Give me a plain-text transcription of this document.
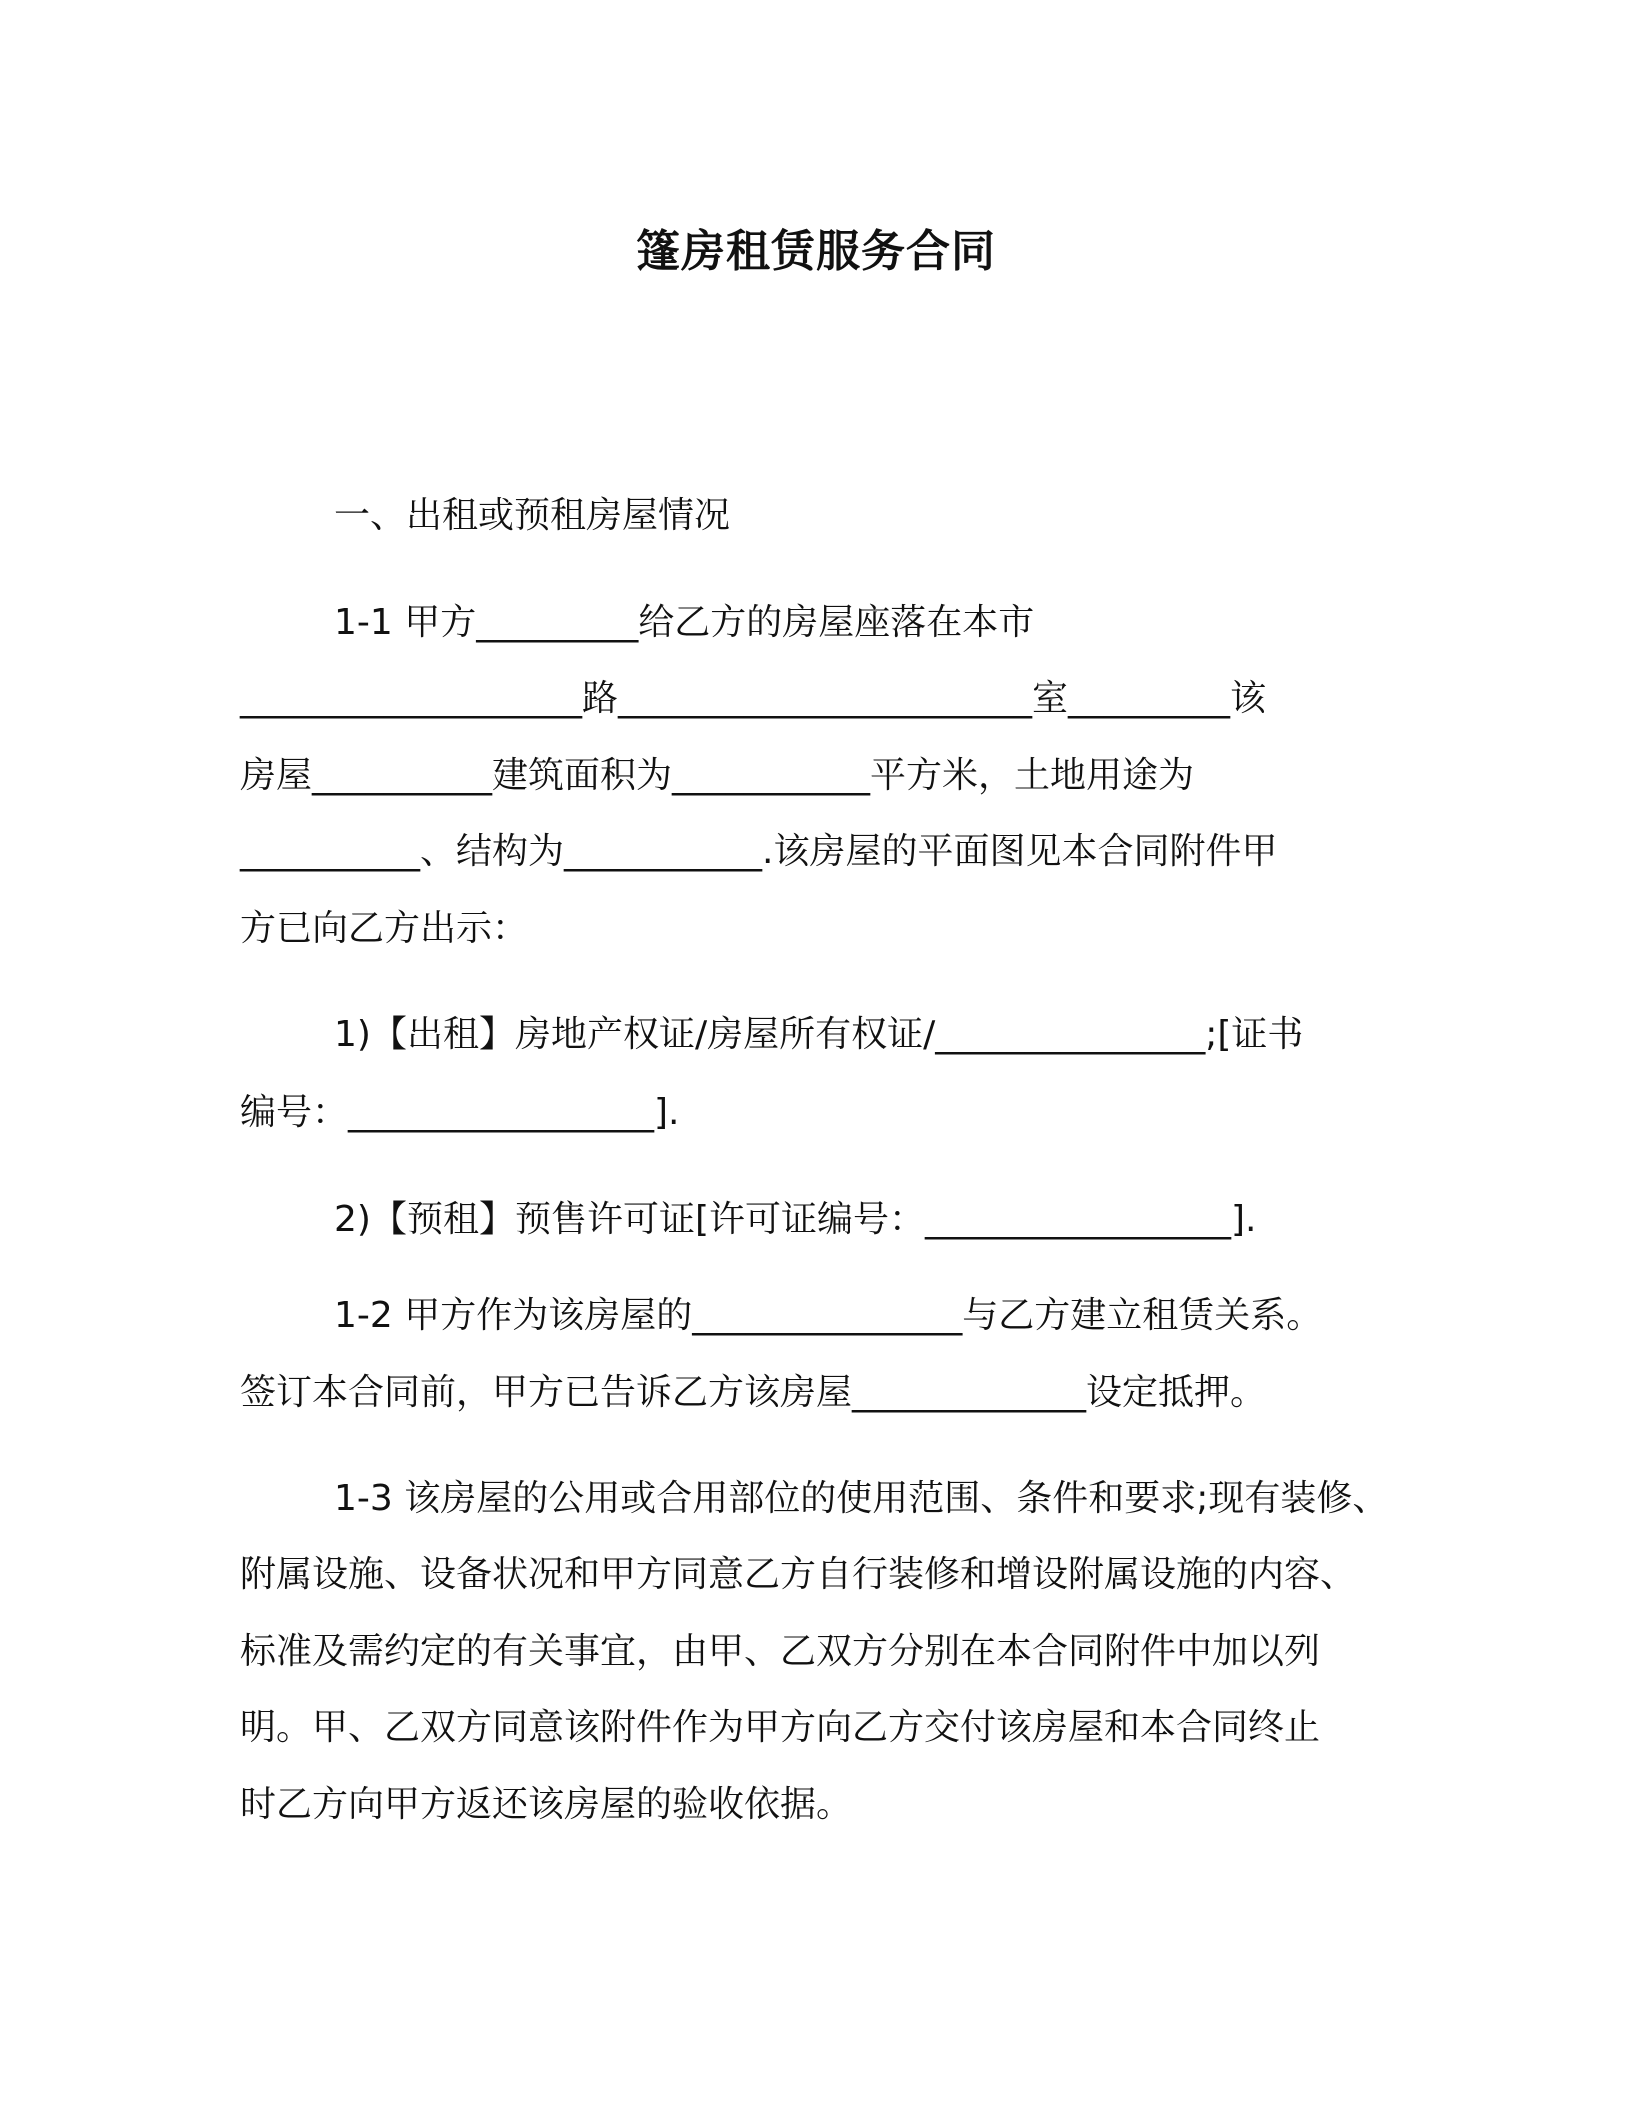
篷房租赁服务合同
一、出租或预租房屋情况
1-1 甲方_________给乙方的房屋座落在本市
___________________路_______________________室_________该
房屋__________建筑面积为___________平方米，土地用途为
__________、结构为___________.该房屋的平面图见本合同附件甲
方已向乙方出示：
1)【出租】房地产权证/房屋所有权证/_______________;[证书
编号：_________________].
2)【预租】预售许可证[许可证编号：_________________].
1-2 甲方作为该房屋的_______________与乙方建立租赁关系。
签订本合同前，甲方已告诉乙方该房屋_____________设定抵押。
1-3 该房屋的公用或合用部位的使用范围、条件和要求;现有装修、
附属设施、设备状况和甲方同意乙方自行装修和增设附属设施的内容、
标准及需约定的有关事宜，由甲、乙双方分别在本合同附件中加以列
明。甲、乙双方同意该附件作为甲方向乙方交付该房屋和本合同终止
时乙方向甲方返还该房屋的验收依据。
